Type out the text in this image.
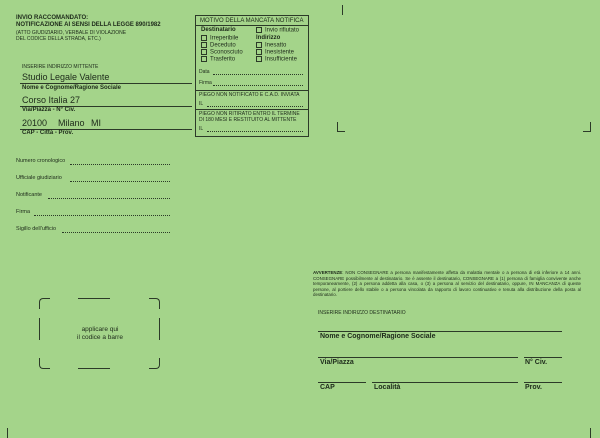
INVIO RACCOMANDATO:
NOTIFICAZIONE AI SENSI DELLA LEGGE 890/1982
(ATTO GIUDIZIARIO, VERBALE DI VIOLAZIONE
DEL CODICE DELLA STRADA, ETC.)
INSERIRE INDIRIZZO MITTENTE
Studio Legale Valente
Nome e Cognome/Ragione Sociale
Corso Italia 27
Via/Piazza - N° Civ.
20100 Milano MI
CAP - Città - Prov.
MOTIVO DELLA MANCATA NOTIFICA
Destinatario
Irreperibile
Deceduto
Sconosciuto
Trasferito
Invio rifiutato
Indirizzo
Inesatto
Inesistente
Insufficiente
Data
Firma
PIEGO NON NOTIFICATO E C.A.D. INVIATA
IL
PIEGO NON RITIRATO ENTRO IL TERMINE
DI 180 MESI E RESTITUITO AL MITTENTE
IL
Numero cronologico
Ufficiale giudiziario
Notificante
Firma
Sigillo dell'ufficio
applicare qui
il codice a barre
AVVERTENZE: NON CONSEGNARE a persona manifestamente affetta da malattia mentale o a persona di età inferiore a 14 anni. CONSEGNARE possibilmente al destinatario. Se è assente il destinatario, CONSEGNARE a (1) persona di famiglia convivente anche temporaneamente, (2) a persona addetta alla casa, o (3) a persona al servizio del destinatario, oppure, IN MANCANZA di queste persone, al portiere dello stabile o a persona vincolata da rapporto di lavoro continuativo e tenuta alla distribuzione della posta al destinatario.
INSERIRE INDIRIZZO DESTINATARIO
Nome e Cognome/Ragione Sociale
Via/Piazza	N° Civ.
CAP	Località	Prov.
